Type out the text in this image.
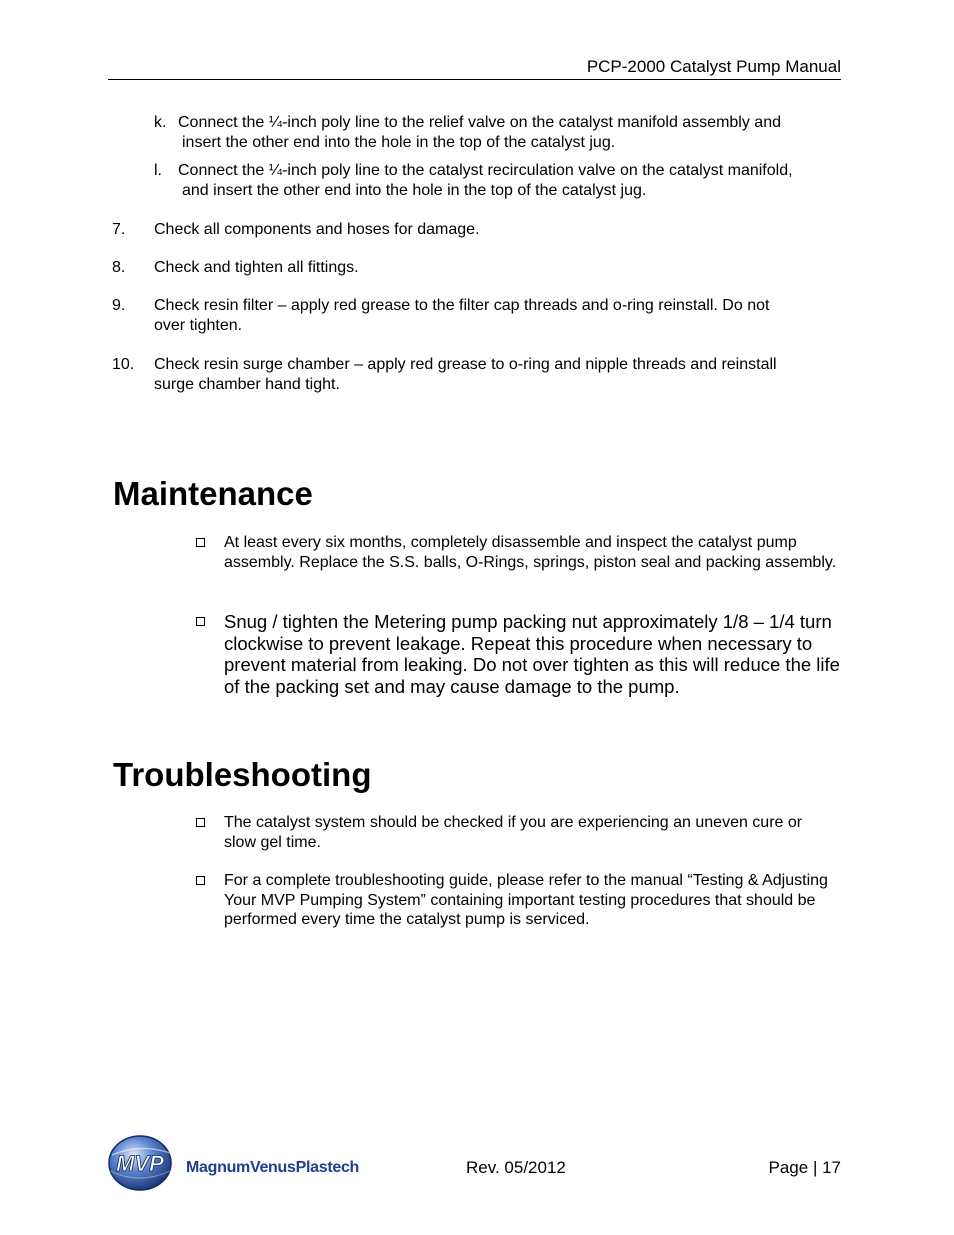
PCP-2000 Catalyst Pump Manual
k. Connect the ¼-inch poly line to the relief valve on the catalyst manifold assembly and
insert the other end into the hole in the top of the catalyst jug.
l. Connect the ¼-inch poly line to the catalyst recirculation valve on the catalyst manifold,
and insert the other end into the hole in the top of the catalyst jug.
7. Check all components and hoses for damage.
8. Check and tighten all fittings.
9. Check resin filter – apply red grease to the filter cap threads and o-ring reinstall. Do not over tighten.
10. Check resin surge chamber – apply red grease to o-ring and nipple threads and reinstall surge chamber hand tight.
Maintenance
At least every six months, completely disassemble and inspect the catalyst pump assembly. Replace the S.S. balls, O-Rings, springs, piston seal and packing assembly.
Snug / tighten the Metering pump packing nut approximately 1/8 – 1/4 turn clockwise to prevent leakage. Repeat this procedure when necessary to prevent material from leaking. Do not over tighten as this will reduce the life of the packing set and may cause damage to the pump.
Troubleshooting
The catalyst system should be checked if you are experiencing an uneven cure or slow gel time.
For a complete troubleshooting guide, please refer to the manual “Testing & Adjusting Your MVP Pumping System” containing important testing procedures that should be performed every time the catalyst pump is serviced.
MVP MagnumVenusPlastech	Rev. 05/2012	Page | 17
